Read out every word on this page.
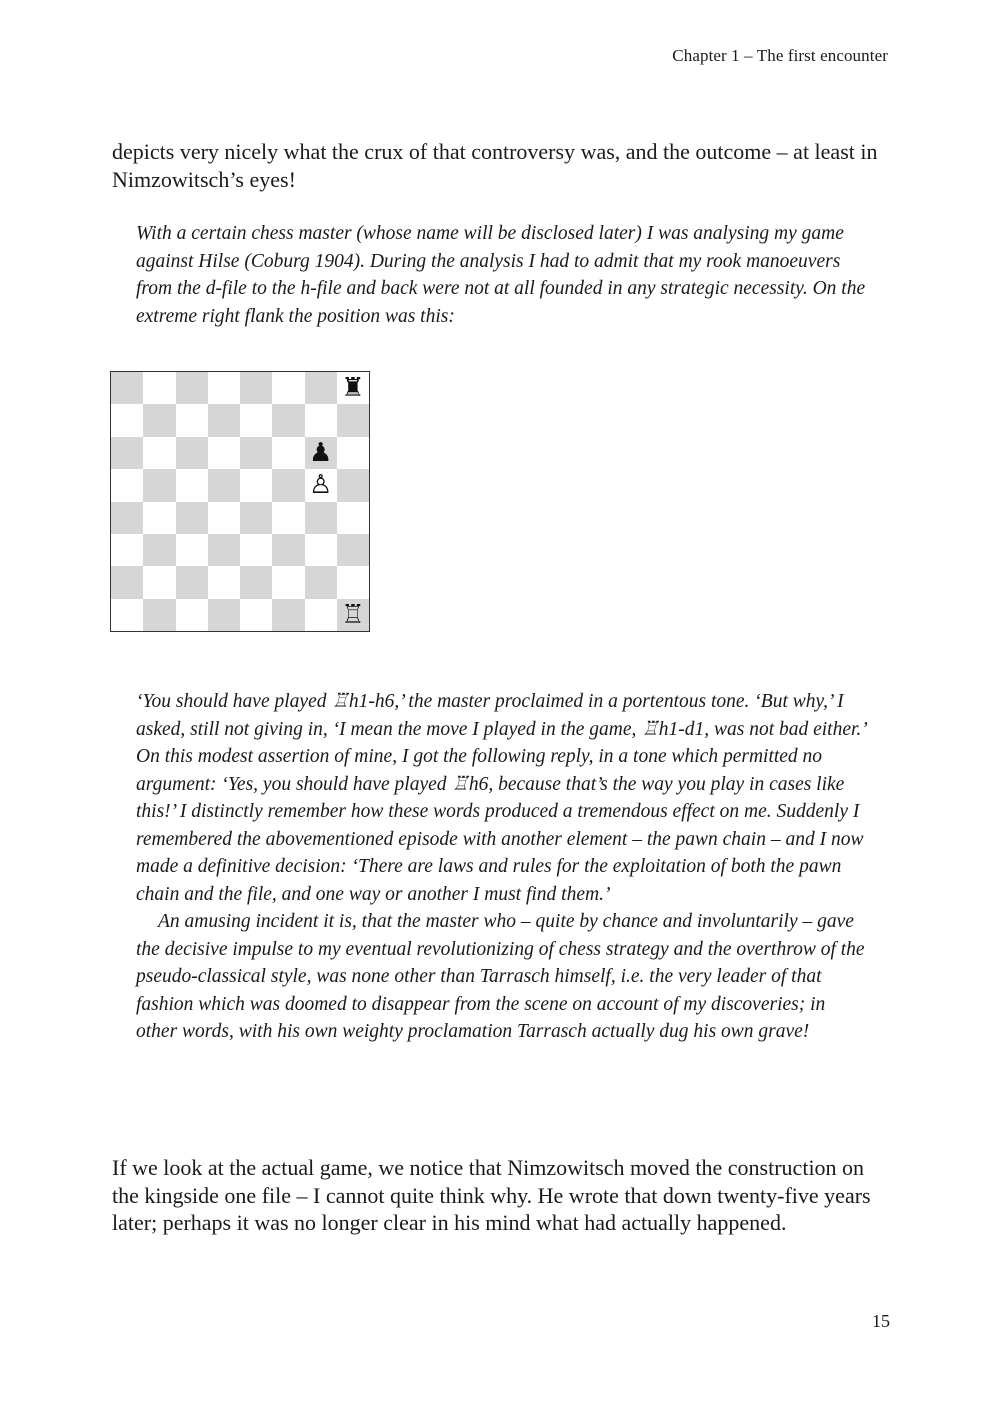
Chapter 1 – The first encounter

depicts very nicely what the crux of that controversy was, and the outcome – at least in Nimzowitsch’s eyes!

With a certain chess master (whose name will be disclosed later) I was analysing my game against Hilse (Coburg 1904). During the analysis I had to admit that my rook manoeuvers from the d-file to the h-file and back were not at all founded in any strategic necessity. On the extreme right flank the position was this:

♜
♟
♙
♖

‘You should have played ♖h1-h6,’ the master proclaimed in a portentous tone. ‘But why,’ I asked, still not giving in, ‘I mean the move I played in the game, ♖h1-d1, was not bad either.’ On this modest assertion of mine, I got the following reply, in a tone which permitted no argument: ‘Yes, you should have played ♖h6, because that’s the way you play in cases like this!’ I distinctly remember how these words produced a tremendous effect on me. Suddenly I remembered the abovementioned episode with another element – the pawn chain – and I now made a definitive decision: ‘There are laws and rules for the exploitation of both the pawn chain and the file, and one way or another I must find them.’

An amusing incident it is, that the master who – quite by chance and involuntarily – gave the decisive impulse to my eventual revolutionizing of chess strategy and the overthrow of the pseudo-classical style, was none other than Tarrasch himself, i.e. the very leader of that fashion which was doomed to disappear from the scene on account of my discoveries; in other words, with his own weighty proclamation Tarrasch actually dug his own grave!

If we look at the actual game, we notice that Nimzowitsch moved the construction on the kingside one file – I cannot quite think why. He wrote that down twenty-five years later; perhaps it was no longer clear in his mind what had actually happened.

15
